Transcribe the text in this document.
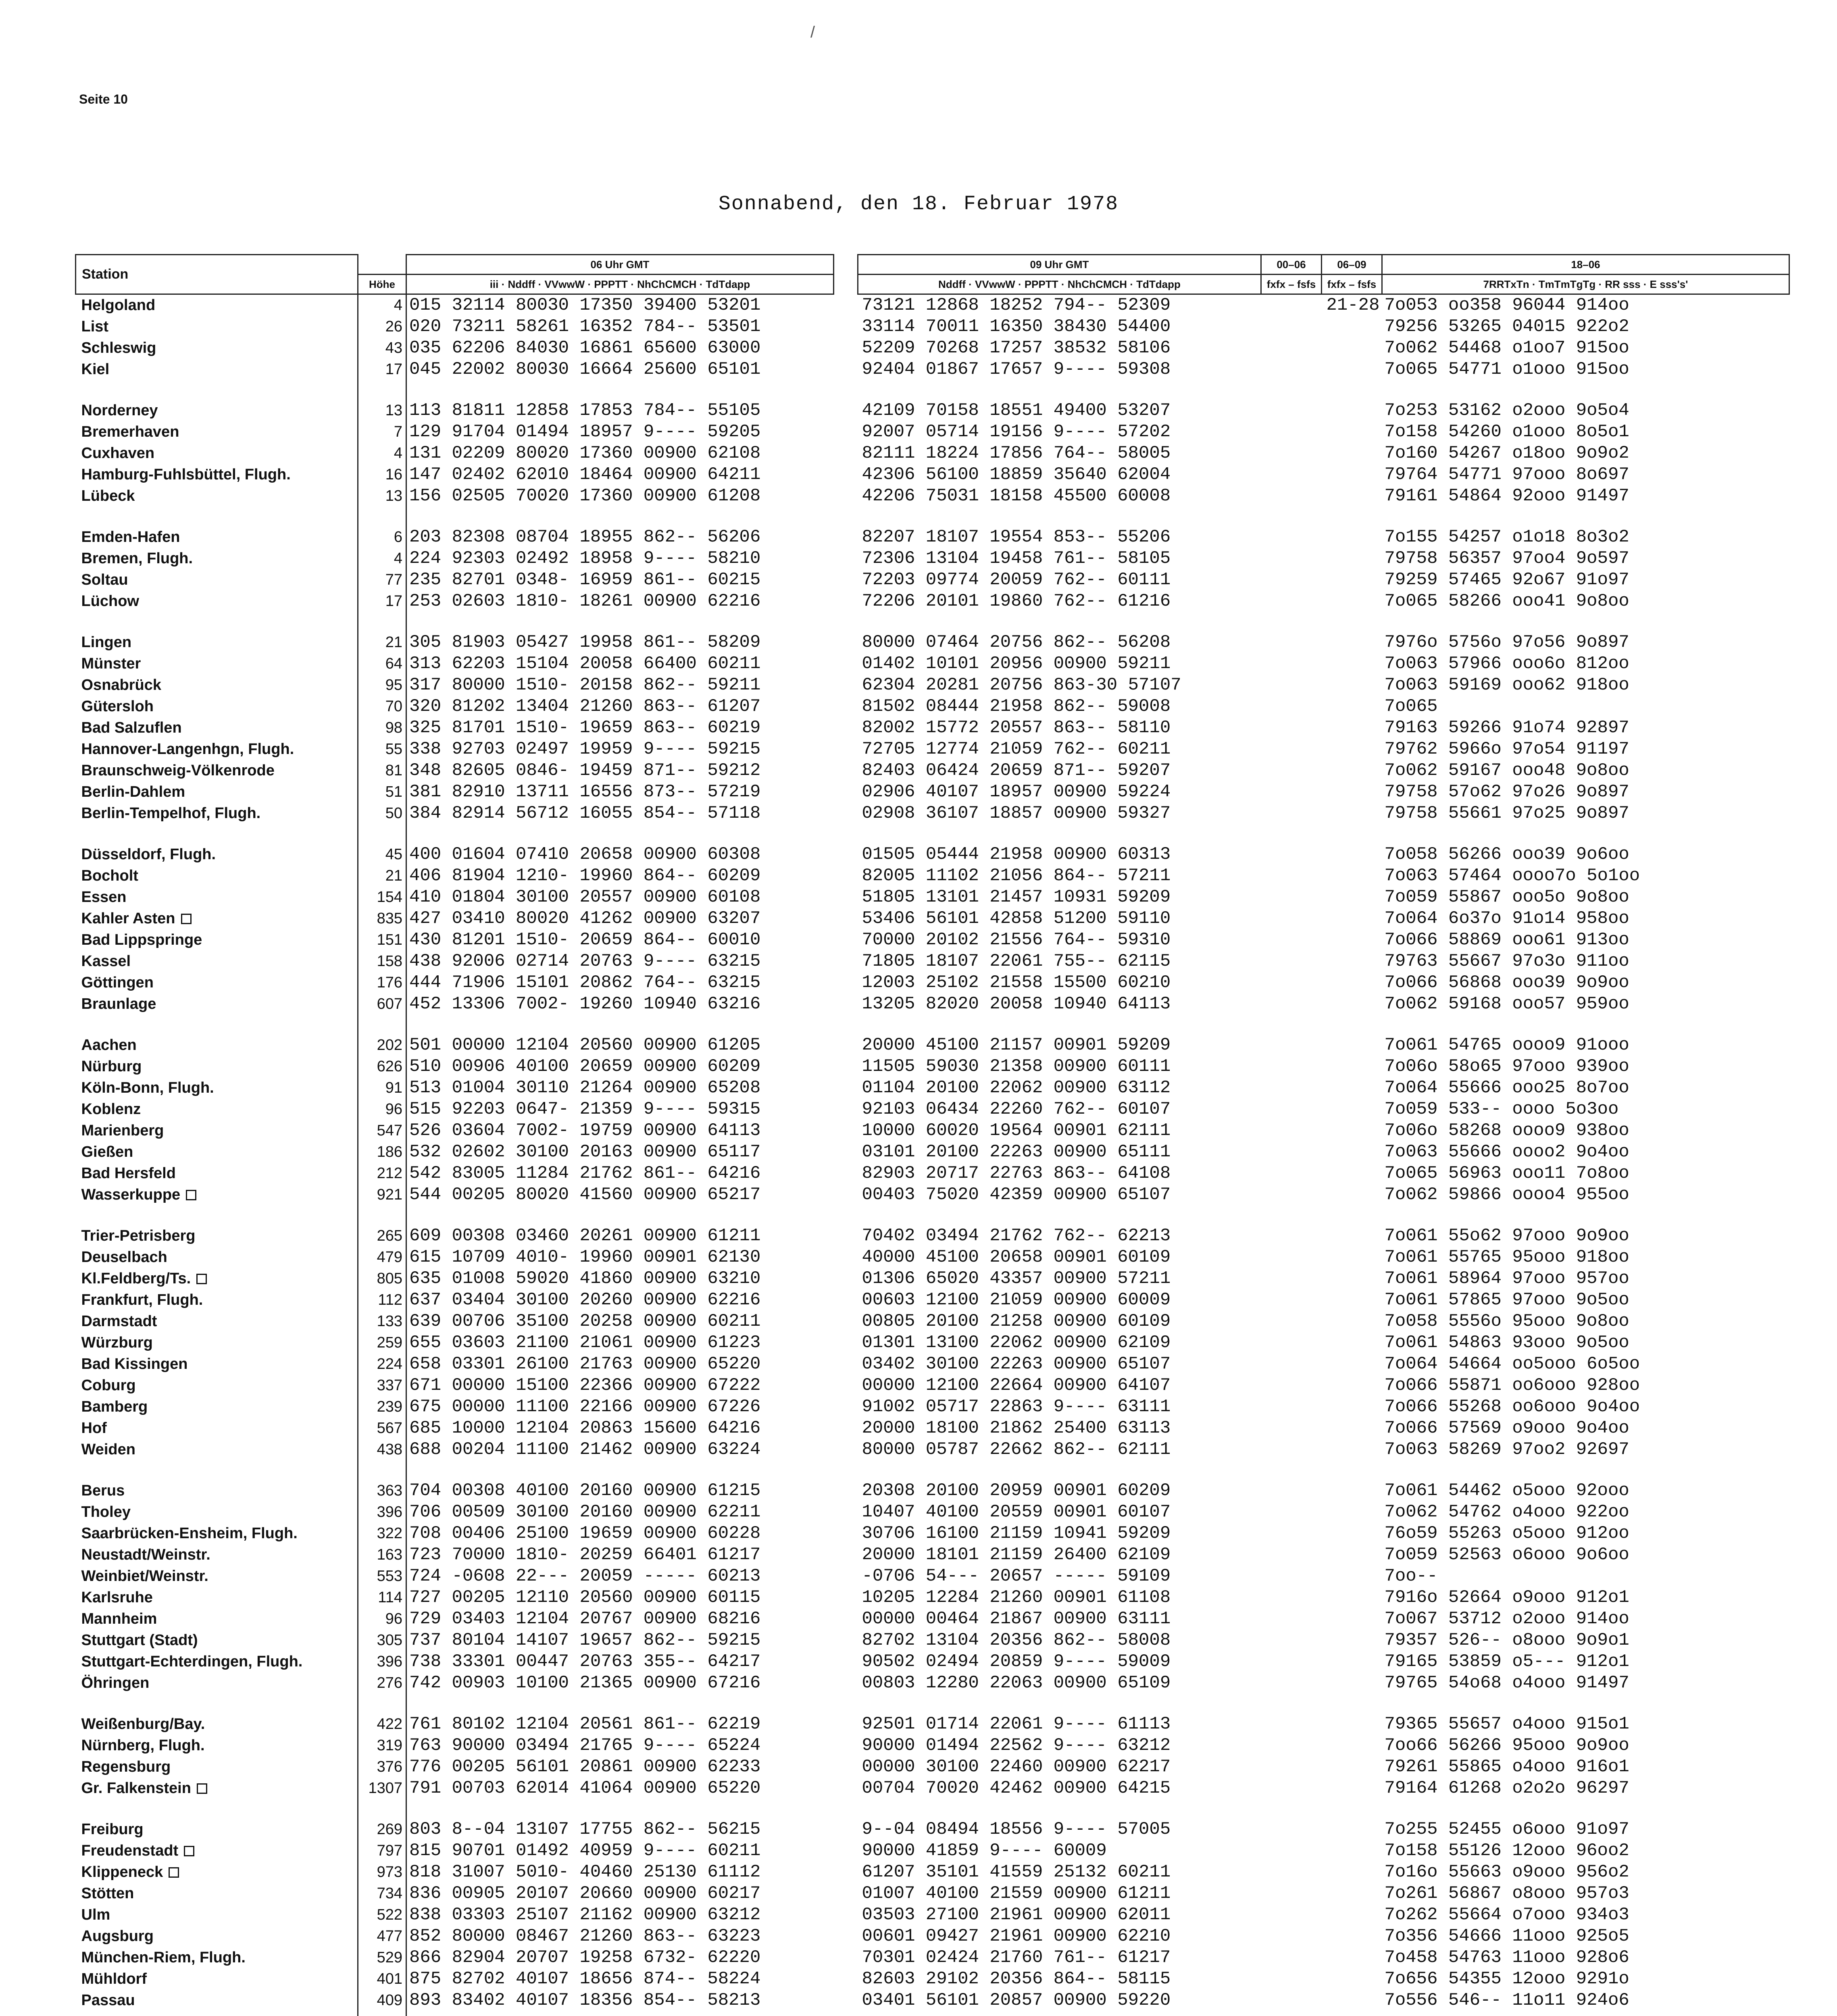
/
Seite 10
Sonnabend, den 18. Februar 1978
Station		06 Uhr GMT		09 Uhr GMT	00–06	06–09	18–06
	Höhe	iii · Nddff · VVwwW · PPPTT · NhChCMCH · TdTdapp		Nddff · VVwwW · PPPTT · NhChCMCH · TdTdapp	fxfx – fsfs	fxfx – fsfs	7RRTxTn · TmTmTgTg · RR sss · E sss's'
Helgoland	4	015 32114 80030 17350 39400 53201		73121 12868 18252 794-- 52309		21-28	7o053 oo358 96044 914oo
List	26	020 73211 58261 16352 784-- 53501		33114 70011 16350 38430 54400			79256 53265 04015 922o2
Schleswig	43	035 62206 84030 16861 65600 63000		52209 70268 17257 38532 58106			7o062 54468 o1oo7 915oo
Kiel	17	045 22002 80030 16664 25600 65101		92404 01867 17657 9---- 59308			7o065 54771 o1ooo 915oo

Norderney	13	113 81811 12858 17853 784-- 55105		42109 70158 18551 49400 53207			7o253 53162 o2ooo 9o5o4
Bremerhaven	7	129 91704 01494 18957 9---- 59205		92007 05714 19156 9---- 57202			7o158 54260 o1ooo 8o5o1
Cuxhaven	4	131 02209 80020 17360 00900 62108		82111 18224 17856 764-- 58005			7o160 54267 o18oo 9o9o2
Hamburg-Fuhlsbüttel, Flugh.	16	147 02402 62010 18464 00900 64211		42306 56100 18859 35640 62004			79764 54771 97ooo 8o697
Lübeck	13	156 02505 70020 17360 00900 61208		42206 75031 18158 45500 60008			79161 54864 92ooo 91497

Emden-Hafen	6	203 82308 08704 18955 862-- 56206		82207 18107 19554 853-- 55206			7o155 54257 o1o18 8o3o2
Bremen, Flugh.	4	224 92303 02492 18958 9---- 58210		72306 13104 19458 761-- 58105			79758 56357 97oo4 9o597
Soltau	77	235 82701 0348- 16959 861-- 60215		72203 09774 20059 762-- 60111			79259 57465 92o67 91o97
Lüchow	17	253 02603 1810- 18261 00900 62216		72206 20101 19860 762-- 61216			7o065 58266 ooo41 9o8oo

Lingen	21	305 81903 05427 19958 861-- 58209		80000 07464 20756 862-- 56208			7976o 5756o 97o56 9o897
Münster	64	313 62203 15104 20058 66400 60211		01402 10101 20956 00900 59211			7o063 57966 ooo6o 812oo
Osnabrück	95	317 80000 1510- 20158 862-- 59211		62304 20281 20756 863-30 57107			7o063 59169 ooo62 918oo
Gütersloh	70	320 81202 13404 21260 863-- 61207		81502 08444 21958 862-- 59008			7o065
Bad Salzuflen	98	325 81701 1510- 19659 863-- 60219		82002 15772 20557 863-- 58110			79163 59266 91o74 92897
Hannover-Langenhgn, Flugh.	55	338 92703 02497 19959 9---- 59215		72705 12774 21059 762-- 60211			79762 5966o 97o54 91197
Braunschweig-Völkenrode	81	348 82605 0846- 19459 871-- 59212		82403 06424 20659 871-- 59207			7o062 59167 ooo48 9o8oo
Berlin-Dahlem	51	381 82910 13711 16556 873-- 57219		02906 40107 18957 00900 59224			79758 57o62 97o26 9o897
Berlin-Tempelhof, Flugh.	50	384 82914 56712 16055 854-- 57118		02908 36107 18857 00900 59327			79758 55661 97o25 9o897

Düsseldorf, Flugh.	45	400 01604 07410 20658 00900 60308		01505 05444 21958 00900 60313			7o058 56266 ooo39 9o6oo
Bocholt	21	406 81904 1210- 19960 864-- 60209		82005 11102 21056 864-- 57211			7o063 57464 oooo7o 5o1oo
Essen	154	410 01804 30100 20557 00900 60108		51805 13101 21457 10931 59209			7o059 55867 ooo5o 9o8oo
Kahler Asten	835	427 03410 80020 41262 00900 63207		53406 56101 42858 51200 59110			7o064 6o37o 91o14 958oo
Bad Lippspringe	151	430 81201 1510- 20659 864-- 60010		70000 20102 21556 764-- 59310			7o066 58869 ooo61 913oo
Kassel	158	438 92006 02714 20763 9---- 63215		71805 18107 22061 755-- 62115			79763 55667 97o3o 911oo
Göttingen	176	444 71906 15101 20862 764-- 63215		12003 25102 21558 15500 60210			7o066 56868 ooo39 9o9oo
Braunlage	607	452 13306 7002- 19260 10940 63216		13205 82020 20058 10940 64113			7o062 59168 ooo57 959oo

Aachen	202	501 00000 12104 20560 00900 61205		20000 45100 21157 00901 59209			7o061 54765 oooo9 91ooo
Nürburg	626	510 00906 40100 20659 00900 60209		11505 59030 21358 00900 60111			7o06o 58o65 97ooo 939oo
Köln-Bonn, Flugh.	91	513 01004 30110 21264 00900 65208		01104 20100 22062 00900 63112			7o064 55666 ooo25 8o7oo
Koblenz	96	515 92203 0647- 21359 9---- 59315		92103 06434 22260 762-- 60107			7o059 533-- oooo 5o3oo
Marienberg	547	526 03604 7002- 19759 00900 64113		10000 60020 19564 00901 62111			7o06o 58268 oooo9 938oo
Gießen	186	532 02602 30100 20163 00900 65117		03101 20100 22263 00900 65111			7o063 55666 oooo2 9o4oo
Bad Hersfeld	212	542 83005 11284 21762 861-- 64216		82903 20717 22763 863-- 64108			7o065 56963 ooo11 7o8oo
Wasserkuppe	921	544 00205 80020 41560 00900 65217		00403 75020 42359 00900 65107			7o062 59866 oooo4 955oo

Trier-Petrisberg	265	609 00308 03460 20261 00900 61211		70402 03494 21762 762-- 62213			7o061 55o62 97ooo 9o9oo
Deuselbach	479	615 10709 4010- 19960 00901 62130		40000 45100 20658 00901 60109			7o061 55765 95ooo 918oo
Kl.Feldberg/Ts.	805	635 01008 59020 41860 00900 63210		01306 65020 43357 00900 57211			7o061 58964 97ooo 957oo
Frankfurt, Flugh.	112	637 03404 30100 20260 00900 62216		00603 12100 21059 00900 60009			7o061 57865 97ooo 9o5oo
Darmstadt	133	639 00706 35100 20258 00900 60211		00805 20100 21258 00900 60109			7o058 5556o 95ooo 9o8oo
Würzburg	259	655 03603 21100 21061 00900 61223		01301 13100 22062 00900 62109			7o061 54863 93ooo 9o5oo
Bad Kissingen	224	658 03301 26100 21763 00900 65220		03402 30100 22263 00900 65107			7o064 54664 oo5ooo 6o5oo
Coburg	337	671 00000 15100 22366 00900 67222		00000 12100 22664 00900 64107			7o066 55871 oo6ooo 928oo
Bamberg	239	675 00000 11100 22166 00900 67226		91002 05717 22863 9---- 63111			7o066 55268 oo6ooo 9o4oo
Hof	567	685 10000 12104 20863 15600 64216		20000 18100 21862 25400 63113			7o066 57569 o9ooo 9o4oo
Weiden	438	688 00204 11100 21462 00900 63224		80000 05787 22662 862-- 62111			7o063 58269 97oo2 92697

Berus	363	704 00308 40100 20160 00900 61215		20308 20100 20959 00901 60209			7o061 54462 o5ooo 92ooo
Tholey	396	706 00509 30100 20160 00900 62211		10407 40100 20559 00901 60107			7o062 54762 o4ooo 922oo
Saarbrücken-Ensheim, Flugh.	322	708 00406 25100 19659 00900 60228		30706 16100 21159 10941 59209			76o59 55263 o5ooo 912oo
Neustadt/Weinstr.	163	723 70000 1810- 20259 66401 61217		20000 18101 21159 26400 62109			7o059 52563 o6ooo 9o6oo
Weinbiet/Weinstr.	553	724 -0608 22--- 20059 ----- 60213		-0706 54--- 20657 ----- 59109			7oo--
Karlsruhe	114	727 00205 12110 20560 00900 60115		10205 12284 21260 00901 61108			7916o 52664 o9ooo 912o1
Mannheim	96	729 03403 12104 20767 00900 68216		00000 00464 21867 00900 63111			7o067 53712 o2ooo 914oo
Stuttgart (Stadt)	305	737 80104 14107 19657 862-- 59215		82702 13104 20356 862-- 58008			79357 526-- o8ooo 9o9o1
Stuttgart-Echterdingen, Flugh.	396	738 33301 00447 20763 355-- 64217		90502 02494 20859 9---- 59009			79165 53859 o5--- 912o1
Öhringen	276	742 00903 10100 21365 00900 67216		00803 12280 22063 00900 65109			79765 54o68 o4ooo 91497

Weißenburg/Bay.	422	761 80102 12104 20561 861-- 62219		92501 01714 22061 9---- 61113			79365 55657 o4ooo 915o1
Nürnberg, Flugh.	319	763 90000 03494 21765 9---- 65224		90000 01494 22562 9---- 63212			7oo66 56266 95ooo 9o9oo
Regensburg	376	776 00205 56101 20861 00900 62233		00000 30100 22460 00900 62217			79261 55865 o4ooo 916o1
Gr. Falkenstein	1307	791 00703 62014 41064 00900 65220		00704 70020 42462 00900 64215			79164 61268 o2o2o 96297

Freiburg	269	803 8--04 13107 17755 862-- 56215		9--04 08494 18556 9---- 57005			7o255 52455 o6ooo 91o97
Freudenstadt	797	815 90701 01492 40959 9---- 60211		90000 41859 9---- 60009			7o158 55126 12ooo 96oo2
Klippeneck	973	818 31007 5010- 40460 25130 61112		61207 35101 41559 25132 60211			7o16o 55663 o9ooo 956o2
Stötten	734	836 00905 20107 20660 00900 60217		01007 40100 21559 00900 61211			7o261 56867 o8ooo 957o3
Ulm	522	838 03303 25107 21162 00900 63212		03503 27100 21961 00900 62011			7o262 55664 o7ooo 934o3
Augsburg	477	852 80000 08467 21260 863-- 63223		00601 09427 21961 00900 62210			7o356 54666 11ooo 925o5
München-Riem, Flugh.	529	866 82904 20707 19258 6732- 62220		70301 02424 21760 761-- 61217			7o458 54763 11ooo 928o6
Mühldorf	401	875 82702 40107 18656 874-- 58224		82603 29102 20356 864-- 58115			7o656 54355 12ooo 9291o
Passau	409	893 83402 40107 18356 854-- 58213		03401 56101 20857 00900 59220			7o556 546-- 11o11 924o6
